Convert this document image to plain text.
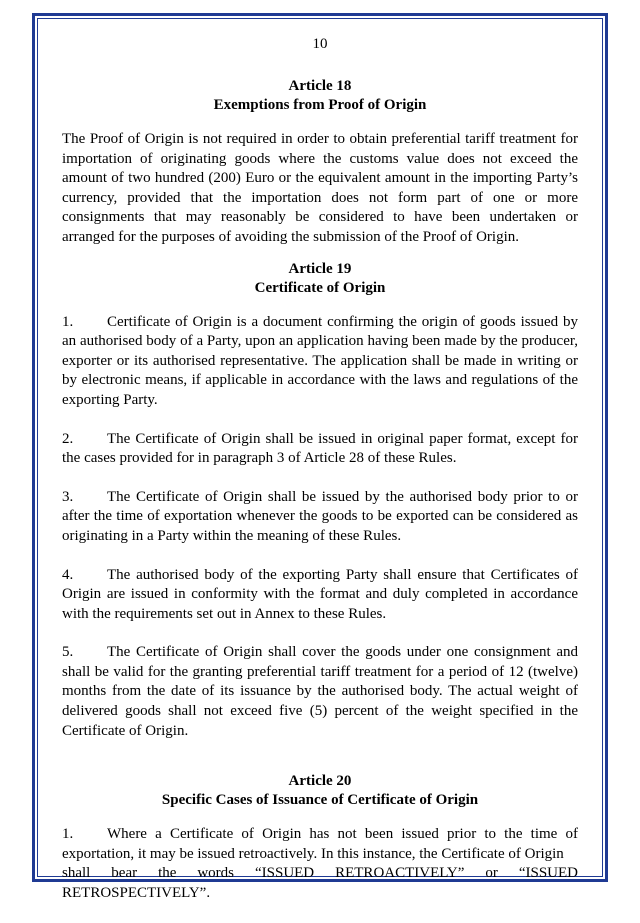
10

Article 18

Exemptions from Proof of Origin

The Proof of Origin is not required in order to obtain preferential tariff treatment for importation of originating goods where the customs value does not exceed the amount of two hundred (200) Euro or the equivalent amount in the importing Party’s currency, provided that the importation does not form part of one or more consignments that may reasonably be considered to have been undertaken or arranged for the purposes of avoiding the submission of the Proof of Origin.

Article 19

Certificate of Origin

1. Certificate of Origin is a document confirming the origin of goods issued by an authorised body of a Party, upon an application having been made by the producer, exporter or its authorised representative. The application shall be made in writing or by electronic means, if applicable in accordance with the laws and regulations of the exporting Party.

2. The Certificate of Origin shall be issued in original paper format, except for the cases provided for in paragraph 3 of Article 28 of these Rules.

3. The Certificate of Origin shall be issued by the authorised body prior to or after the time of exportation whenever the goods to be exported can be considered as originating in a Party within the meaning of these Rules.

4. The authorised body of the exporting Party shall ensure that Certificates of Origin are issued in conformity with the format and duly completed in accordance with the requirements set out in Annex to these Rules.

5. The Certificate of Origin shall cover the goods under one consignment and shall be valid for the granting preferential tariff treatment for a period of 12 (twelve) months from the date of its issuance by the authorised body. The actual weight of delivered goods shall not exceed five (5) percent of the weight specified in the Certificate of Origin.

Article 20

Specific Cases of Issuance of Certificate of Origin

1. Where a Certificate of Origin has not been issued prior to the time of exportation, it may be issued retroactively. In this instance, the Certificate of Origin

shall bear the words “ISSUED RETROACTIVELY” or “ISSUED

RETROSPECTIVELY”.
